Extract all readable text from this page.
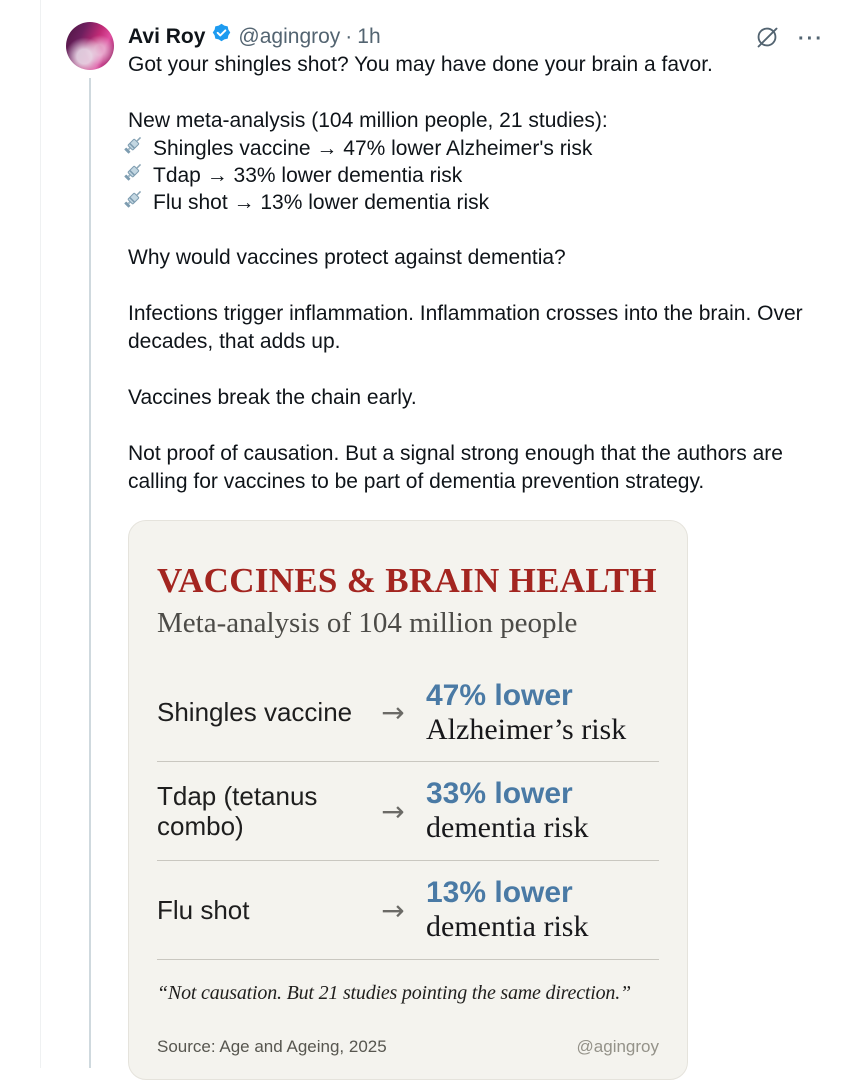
···
Avi Roy @agingroy · 1h

Got your shingles shot? You may have done your brain a favor.

New meta-analysis (104 million people, 21 studies):

Shingles vaccine → 47% lower Alzheimer's risk
Tdap → 33% lower dementia risk
Flu shot → 13% lower dementia risk

Why would vaccines protect against dementia?

Infections trigger inflammation. Inflammation crosses into the brain. Over decades, that adds up.

Vaccines break the chain early.

Not proof of causation. But a signal strong enough that the authors are calling for vaccines to be part of dementia prevention strategy.

VACCINES & BRAIN HEALTH
Meta-analysis of 104 million people
Shingles vaccine	→
47% lower
Alzheimer’s risk
Tdap (tetanus combo)	→
33% lower
dementia risk
Flu shot	→
13% lower
dementia risk
“Not causation. But 21 studies pointing the same direction.”
Source: Age and Ageing, 2025	@agingroy
